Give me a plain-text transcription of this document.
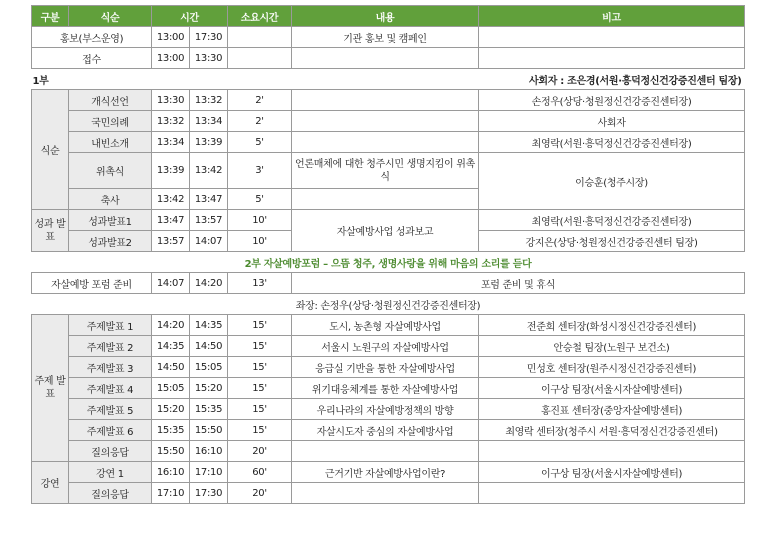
구분	식순	시간		소요시간	내용	비고
홍보(부스운영)		13:00	17:30		기관 홍보 및 캠페인	
접수		13:00	13:30			
1부		사회자 : 조은경(서원·흥덕정신건강증진센터 팀장)				
식순	개식선언	13:30	13:32	2'		손정우(상당·청원정신건강증진센터장)
	국민의례	13:32	13:34	2'		사회자
	내빈소개	13:34	13:39	5'		최영락(서원·흥덕정신건강증진센터장)
	위촉식	13:39	13:42	3'	언론매체에 대한 청주시민 생명지킴이 위촉식	이승훈(청주시장)
	축사	13:42	13:47	5'		
성과 발표	성과발표1	13:47	13:57	10'	자살예방사업 성과보고	최영락(서원·흥덕정신건강증진센터장)
	성과발표2	13:57	14:07	10'		강지은(상당·청원정신건강증진센터 팀장)
2부 자살예방포럼 – 으뜸 청주, 생명사랑을 위해 마음의 소리를 듣다						
자살예방 포럼 준비		14:07	14:20	13'	포럼 준비 및 휴식	
좌장: 손정우(상당·청원정신건강증진센터장)						
주제 발표	주제발표 1	14:20	14:35	15'	도시, 농촌형 자살예방사업	전준희 센터장(화성시정신건강증진센터)
	주제발표 2	14:35	14:50	15'	서울시 노원구의 자살예방사업	안승철 팀장(노원구 보건소)
	주제발표 3	14:50	15:05	15'	응급실 기반을 통한 자살예방사업	민성호 센터장(원주시정신건강증진센터)
	주제발표 4	15:05	15:20	15'	위기대응체계를 통한 자살예방사업	이구상 팀장(서울시자살예방센터)
	주제발표 5	15:20	15:35	15'	우리나라의 자살예방정책의 방향	홍진표 센터장(중앙자살예방센터)
	주제발표 6	15:35	15:50	15'	자살시도자 중심의 자살예방사업	최영락 센터장(청주시 서원·흥덕정신건강증진센터)
	질의응답	15:50	16:10	20'		
강연	강연 1	16:10	17:10	60'	근거기반 자살예방사업이란?	이구상 팀장(서울시자살예방센터)
	질의응답	17:10	17:30	20'		
